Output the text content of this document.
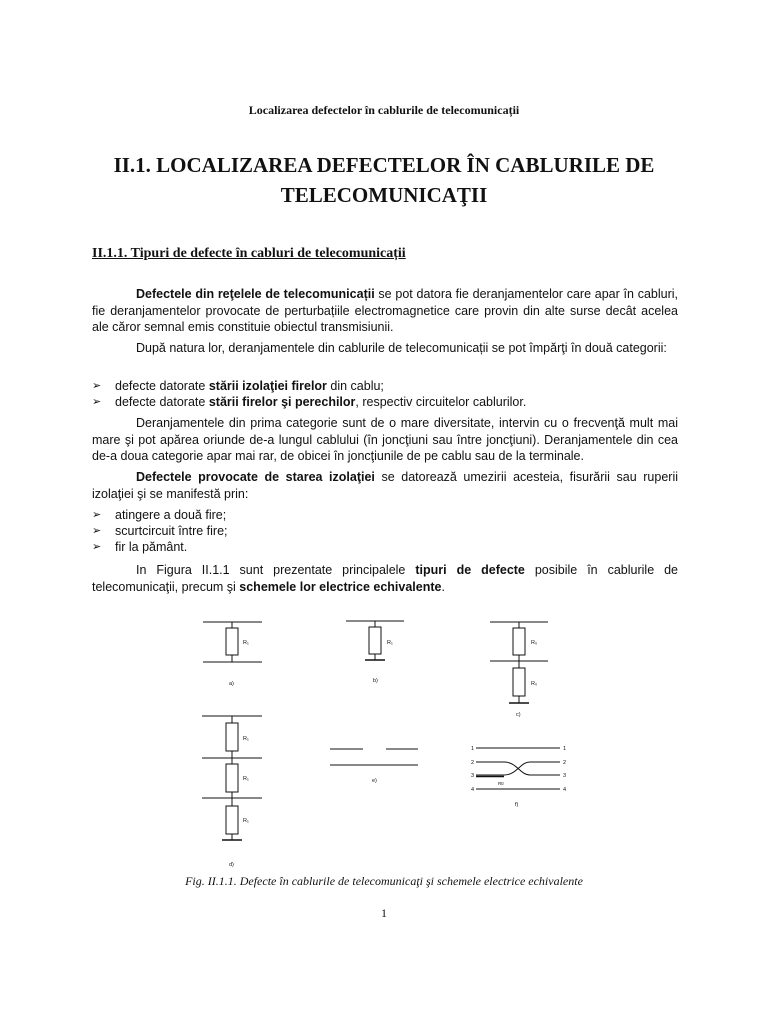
Localizarea defectelor în cablurile de telecomunicații
II.1. LOCALIZAREA DEFECTELOR ÎN CABLURILE DE
TELECOMUNICAŢII
II.1.1. Tipuri de defecte în cabluri de telecomunicații

Defectele din reţelele de telecomunicații se pot datora fie deranjamentelor care apar în cabluri, fie deranjamentelor provocate de perturbațiile electromagnetice care provin din alte surse decât acelea ale căror semnal emis constituie obiectul transmisiunii.

După natura lor, deranjamentele din cablurile de telecomunicații se pot împărţi în două categorii:

➢ defecte datorate stării izolaţiei firelor din cablu;
➢ defecte datorate stării firelor şi perechilor, respectiv circuitelor cablurilor.

Deranjamentele din prima categorie sunt de o mare diversitate, intervin cu o frecvenţă mult mai mare şi pot apărea oriunde de-a lungul cablului (în joncţiuni sau între joncţiuni). Deranjamentele din cea de-a doua categorie apar mai rar, de obicei în joncţiunile de pe cablu sau de la terminale.

Defectele provocate de starea izolaţiei se datorează umezirii acesteia, fisurării sau ruperii izolaţiei şi se manifestă prin:

➢ atingere a două fire;
➢ scurtcircuit între fire;
➢ fir la pământ.

In Figura II.1.1 sunt prezentate principalele tipuri de defecte posibile în cablurile de telecomunicaţii, precum şi schemele lor electrice echivalente.

R₁	R₁	R₀
R₀
R₁
R₁
R₁
a)	b)
c)
d)
e)
f)
1
2
3
4
1
2
3
4
Rtr
Fig. II.1.1. Defecte în cablurile de telecomunicaţi şi schemele electrice echivalente
1
